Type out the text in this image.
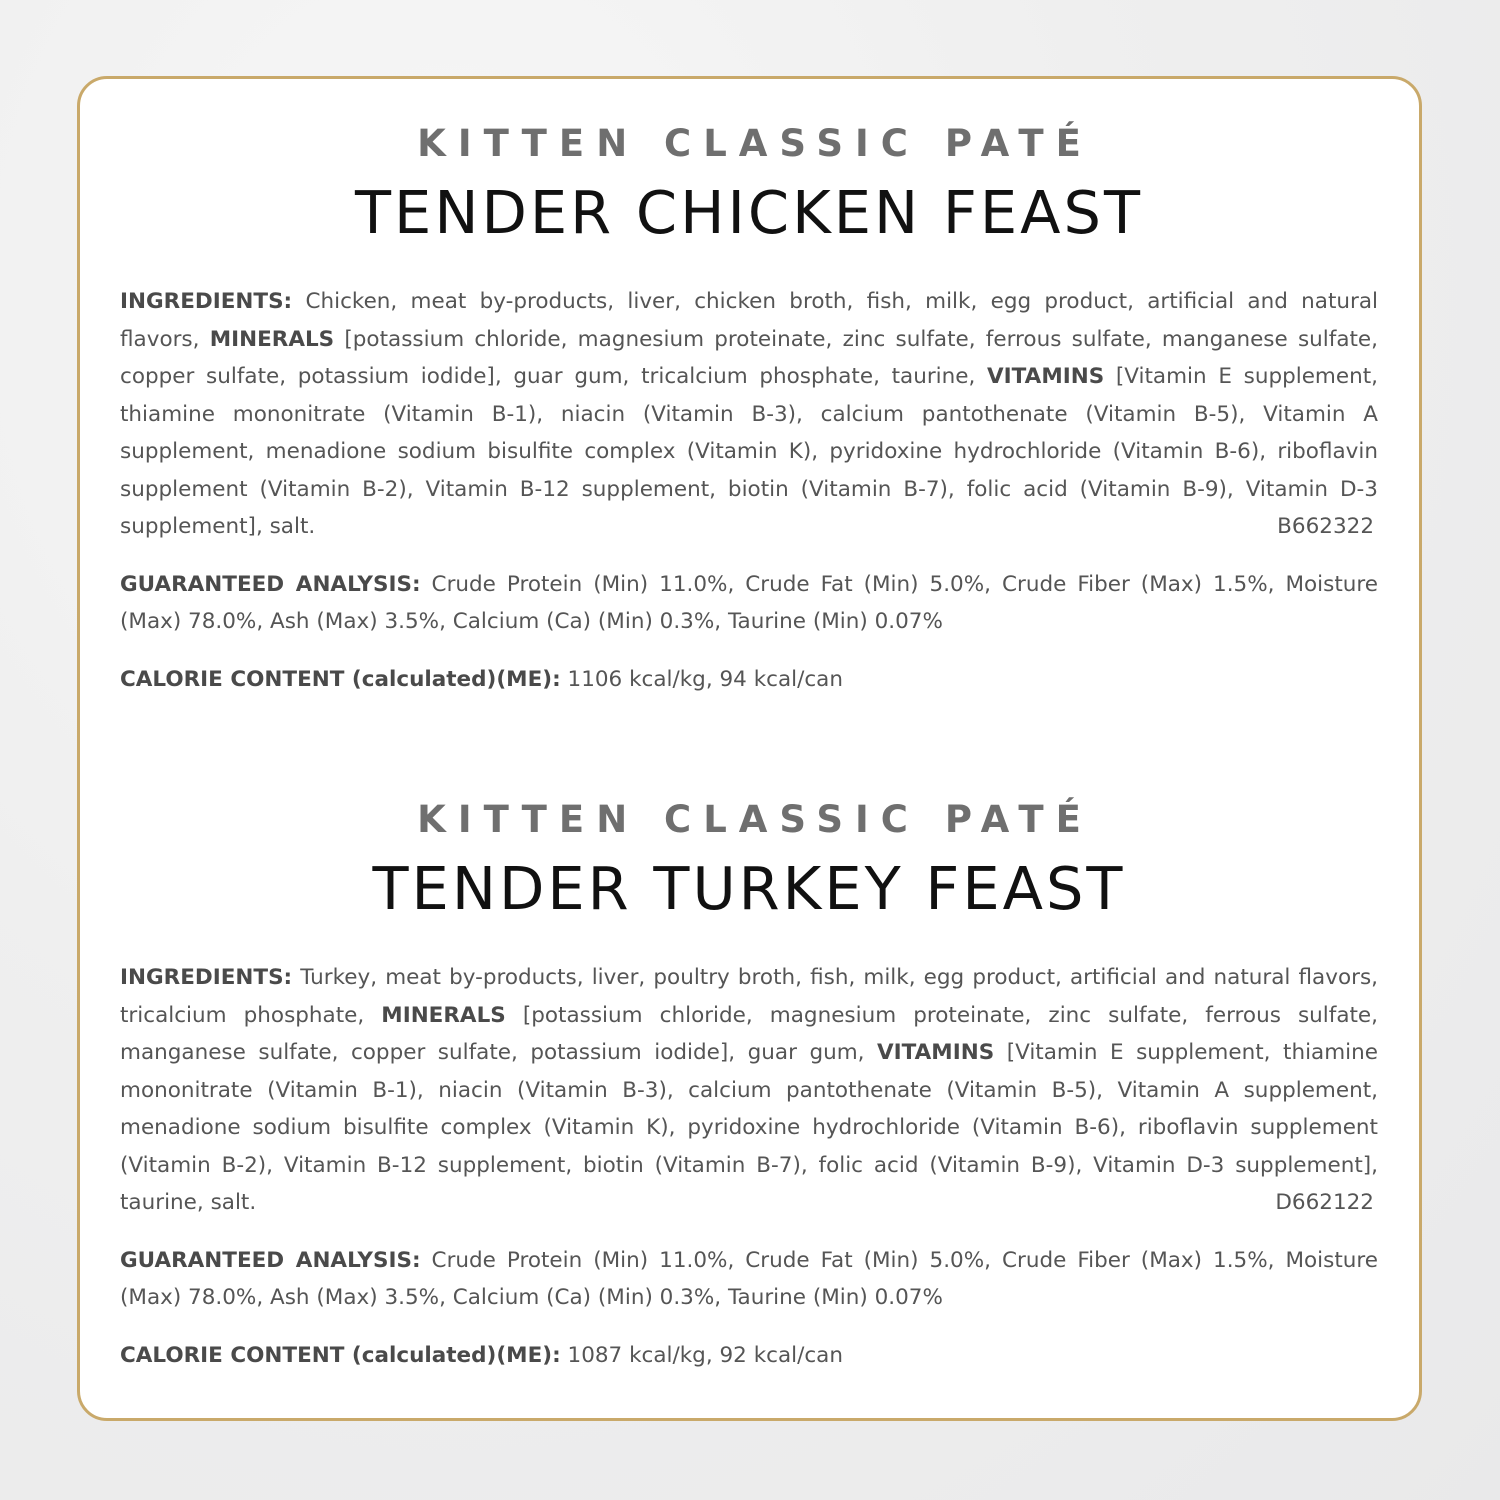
KITTEN CLASSIC PATÉ
TENDER CHICKEN FEAST

INGREDIENTS: Chicken, meat by-products, liver, chicken broth, fish, milk, egg product, artificial and natural flavors, MINERALS [potassium chloride, magnesium proteinate, zinc sulfate, ferrous sulfate, manganese sulfate, copper sulfate, potassium iodide], guar gum, tricalcium phosphate, taurine, VITAMINS [Vitamin E supplement, thiamine mononitrate (Vitamin B-1), niacin (Vitamin B-3), calcium pantothenate (Vitamin B-5), Vitamin A supplement, menadione sodium bisulfite complex (Vitamin K), pyridoxine hydrochloride (Vitamin B-6), riboflavin supplement (Vitamin B-2), Vitamin B-12 supplement, biotin (Vitamin B-7), folic acid (Vitamin B-9), Vitamin D-3 supplement], salt.	B662322

GUARANTEED ANALYSIS: Crude Protein (Min) 11.0%, Crude Fat (Min) 5.0%, Crude Fiber (Max) 1.5%, Moisture (Max) 78.0%, Ash (Max) 3.5%, Calcium (Ca) (Min) 0.3%, Taurine (Min) 0.07%

CALORIE CONTENT (calculated)(ME): 1106 kcal/kg, 94 kcal/can

KITTEN CLASSIC PATÉ
TENDER TURKEY FEAST

INGREDIENTS: Turkey, meat by-products, liver, poultry broth, fish, milk, egg product, artificial and natural flavors, tricalcium phosphate, MINERALS [potassium chloride, magnesium proteinate, zinc sulfate, ferrous sulfate, manganese sulfate, copper sulfate, potassium iodide], guar gum, VITAMINS [Vitamin E supplement, thiamine mononitrate (Vitamin B-1), niacin (Vitamin B-3), calcium pantothenate (Vitamin B-5), Vitamin A supplement, menadione sodium bisulfite complex (Vitamin K), pyridoxine hydrochloride (Vitamin B-6), riboflavin supplement (Vitamin B-2), Vitamin B-12 supplement, biotin (Vitamin B-7), folic acid (Vitamin B-9), Vitamin D-3 supplement], taurine, salt.	D662122

GUARANTEED ANALYSIS: Crude Protein (Min) 11.0%, Crude Fat (Min) 5.0%, Crude Fiber (Max) 1.5%, Moisture (Max) 78.0%, Ash (Max) 3.5%, Calcium (Ca) (Min) 0.3%, Taurine (Min) 0.07%

CALORIE CONTENT (calculated)(ME): 1087 kcal/kg, 92 kcal/can
